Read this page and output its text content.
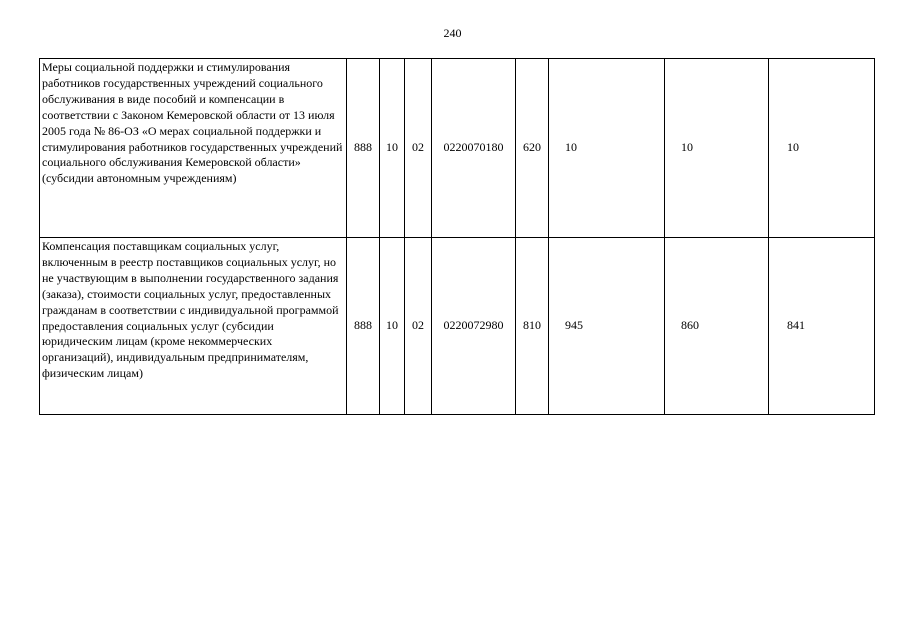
240
Меры социальной поддержки и стимулирования работников государственных учреждений социального обслуживания в виде пособий и компенсации в соответствии с Законом Кемеровской области от 13 июля 2005 года № 86-ОЗ «О мерах социальной поддержки и стимулирования работников государственных учреждений социального обслуживания Кемеровской области» (субсидии автономным учреждениям)	888	10	02	0220070180	620	10	10	10
Компенсация поставщикам социальных услуг, включенным в реестр поставщиков социальных услуг, но не участвующим в выполнении государственного задания (заказа), стоимости социальных услуг, предоставленных гражданам в соответствии с индивидуальной программой предоставления социальных услуг (субсидии юридическим лицам (кроме некоммерческих организаций), индивидуальным предпринимателям, физическим лицам)	888	10	02	0220072980	810	945	860	841
